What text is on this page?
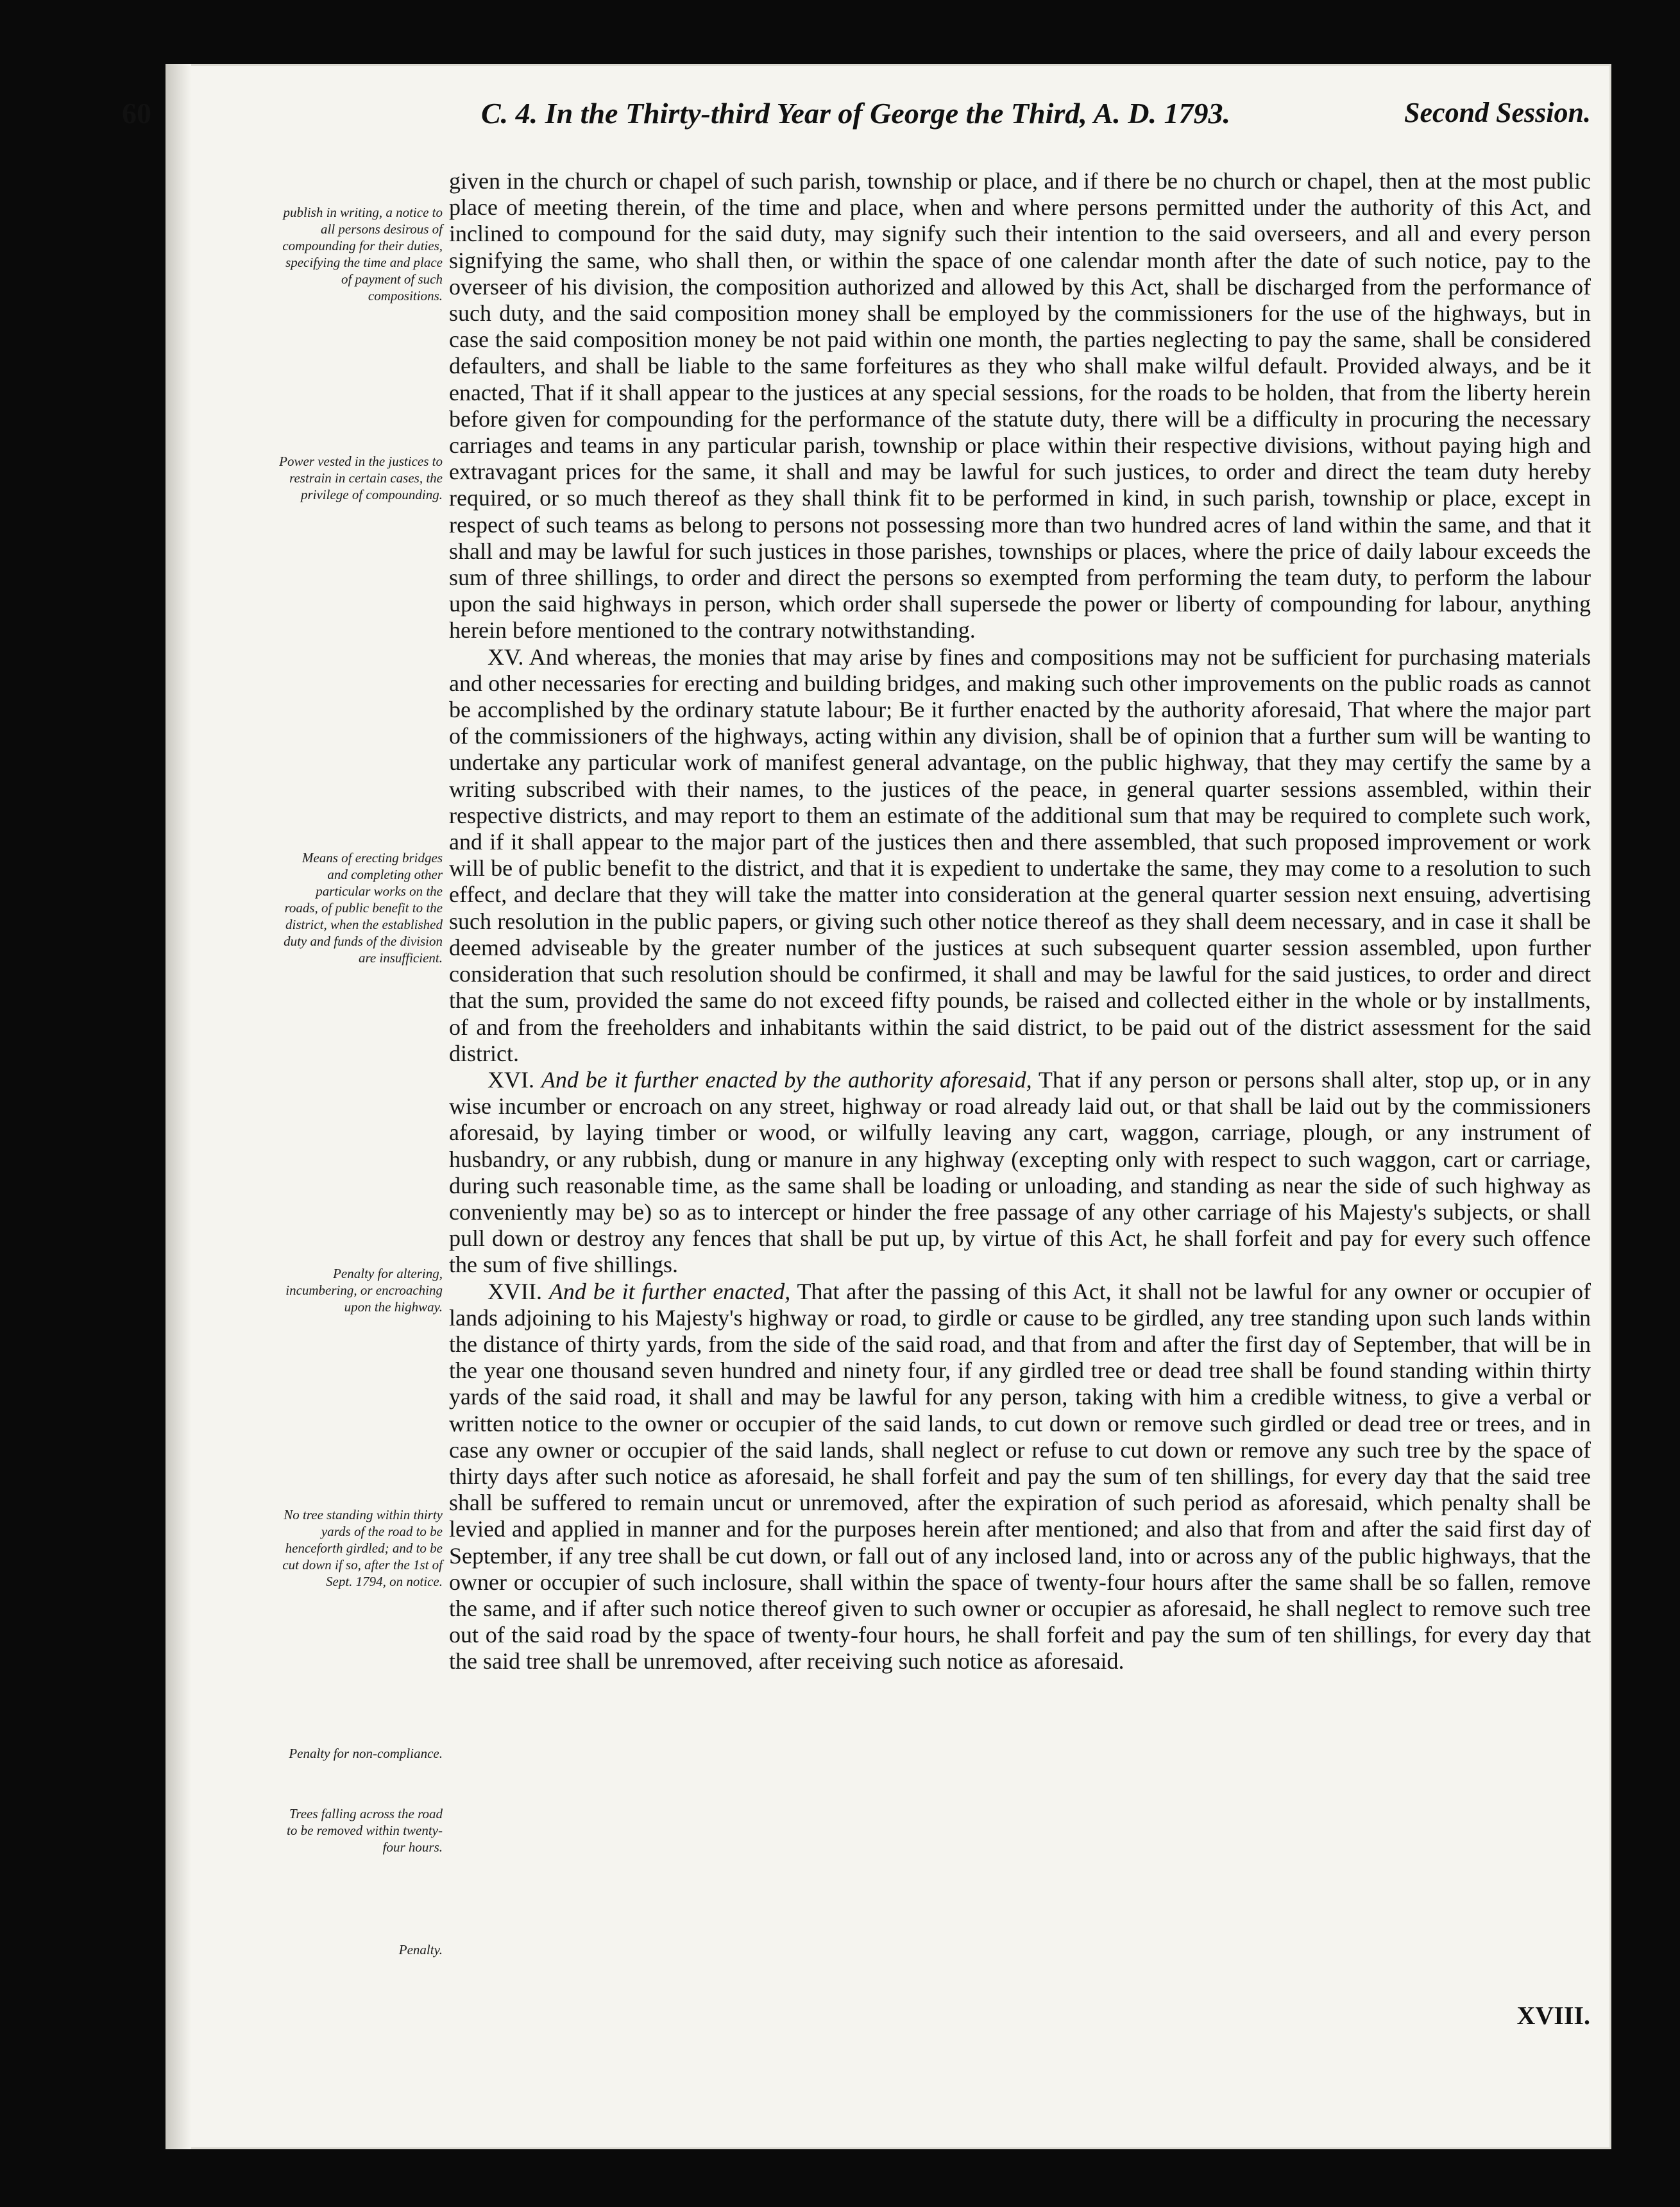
60	C. 4. In the Thirty-third Year of George the Third, A. D. 1793.	Second Session.
publish in writing, a notice to all persons desirous of compounding for their duties, specifying the time and place of payment of such compositions.
Power vested in the justices to restrain in certain cases, the privilege of compounding.
Means of erecting bridges and completing other particular works on the roads, of public benefit to the district, when the established duty and funds of the division are insufficient.
Penalty for altering, incumbering, or encroaching upon the highway.
No tree standing within thirty yards of the road to be henceforth girdled; and to be cut down if so, after the 1st of Sept. 1794, on notice.
Penalty for non-compliance.
Trees falling across the road to be removed within twenty-four hours.
Penalty.

given in the church or chapel of such parish, township or place, and if there be no church or chapel, then at the most public place of meeting therein, of the time and place, when and where persons permitted under the authority of this Act, and inclined to compound for the said duty, may signify such their intention to the said overseers, and all and every person signifying the same, who shall then, or within the space of one calendar month after the date of such notice, pay to the overseer of his division, the composition authorized and allowed by this Act, shall be discharged from the performance of such duty, and the said composition money shall be employed by the commissioners for the use of the highways, but in case the said composition money be not paid within one month, the parties neglecting to pay the same, shall be considered defaulters, and shall be liable to the same forfeitures as they who shall make wilful default. Provided always, and be it enacted, That if it shall appear to the justices at any special sessions, for the roads to be holden, that from the liberty herein before given for compounding for the performance of the statute duty, there will be a difficulty in procuring the necessary carriages and teams in any particular parish, township or place within their respective divisions, without paying high and extravagant prices for the same, it shall and may be lawful for such justices, to order and direct the team duty hereby required, or so much thereof as they shall think fit to be performed in kind, in such parish, township or place, except in respect of such teams as belong to persons not possessing more than two hundred acres of land within the same, and that it shall and may be lawful for such justices in those parishes, townships or places, where the price of daily labour exceeds the sum of three shillings, to order and direct the persons so exempted from performing the team duty, to perform the labour upon the said highways in person, which order shall supersede the power or liberty of compounding for labour, anything herein before mentioned to the contrary notwithstanding.

XV. And whereas, the monies that may arise by fines and compositions may not be sufficient for purchasing materials and other necessaries for erecting and building bridges, and making such other improvements on the public roads as cannot be accomplished by the ordinary statute labour; Be it further enacted by the authority aforesaid, That where the major part of the commissioners of the highways, acting within any division, shall be of opinion that a further sum will be wanting to undertake any particular work of manifest general advantage, on the public highway, that they may certify the same by a writing subscribed with their names, to the justices of the peace, in general quarter sessions assembled, within their respective districts, and may report to them an estimate of the additional sum that may be required to complete such work, and if it shall appear to the major part of the justices then and there assembled, that such proposed improvement or work will be of public benefit to the district, and that it is expedient to undertake the same, they may come to a resolution to such effect, and declare that they will take the matter into consideration at the general quarter session next ensuing, advertising such resolution in the public papers, or giving such other notice thereof as they shall deem necessary, and in case it shall be deemed adviseable by the greater number of the justices at such subsequent quarter session assembled, upon further consideration that such resolution should be confirmed, it shall and may be lawful for the said justices, to order and direct that the sum, provided the same do not exceed fifty pounds, be raised and collected either in the whole or by installments, of and from the freeholders and inhabitants within the said district, to be paid out of the district assessment for the said district.

XVI. And be it further enacted by the authority aforesaid, That if any person or persons shall alter, stop up, or in any wise incumber or encroach on any street, highway or road already laid out, or that shall be laid out by the commissioners aforesaid, by laying timber or wood, or wilfully leaving any cart, waggon, carriage, plough, or any instrument of husbandry, or any rubbish, dung or manure in any highway (excepting only with respect to such waggon, cart or carriage, during such reasonable time, as the same shall be loading or unloading, and standing as near the side of such highway as conveniently may be) so as to intercept or hinder the free passage of any other carriage of his Majesty's subjects, or shall pull down or destroy any fences that shall be put up, by virtue of this Act, he shall forfeit and pay for every such offence the sum of five shillings.

XVII. And be it further enacted, That after the passing of this Act, it shall not be lawful for any owner or occupier of lands adjoining to his Majesty's highway or road, to girdle or cause to be girdled, any tree standing upon such lands within the distance of thirty yards, from the side of the said road, and that from and after the first day of September, that will be in the year one thousand seven hundred and ninety four, if any girdled tree or dead tree shall be found standing within thirty yards of the said road, it shall and may be lawful for any person, taking with him a credible witness, to give a verbal or written notice to the owner or occupier of the said lands, to cut down or remove such girdled or dead tree or trees, and in case any owner or occupier of the said lands, shall neglect or refuse to cut down or remove any such tree by the space of thirty days after such notice as aforesaid, he shall forfeit and pay the sum of ten shillings, for every day that the said tree shall be suffered to remain uncut or unremoved, after the expiration of such period as aforesaid, which penalty shall be levied and applied in manner and for the purposes herein after mentioned; and also that from and after the said first day of September, if any tree shall be cut down, or fall out of any inclosed land, into or across any of the public highways, that the owner or occupier of such inclosure, shall within the space of twenty-four hours after the same shall be so fallen, remove the same, and if after such notice thereof given to such owner or occupier as aforesaid, he shall neglect to remove such tree out of the said road by the space of twenty-four hours, he shall forfeit and pay the sum of ten shillings, for every day that the said tree shall be unremoved, after receiving such notice as aforesaid.

XVIII.
